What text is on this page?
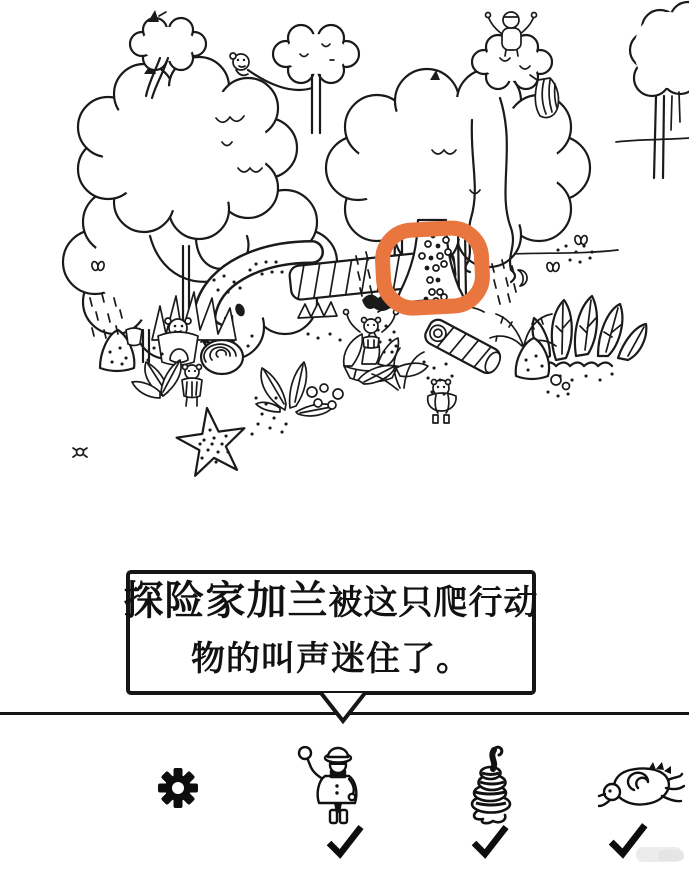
探险家加兰被这只爬行动
物的叫声迷住了。
